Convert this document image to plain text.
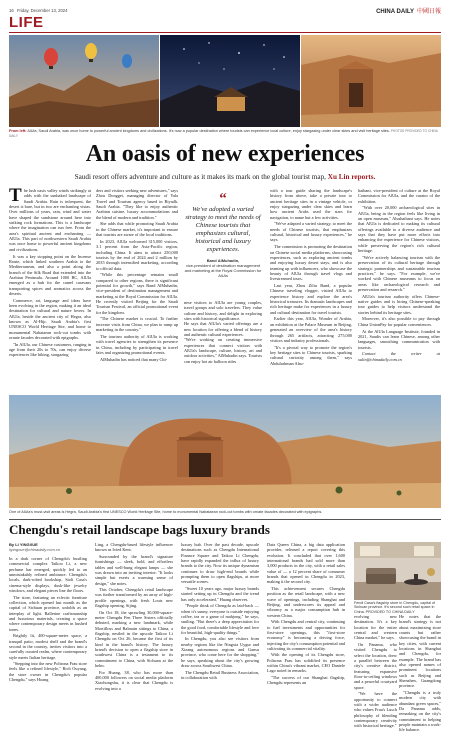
16 Friday, December 13, 2024	CHINA DAILY 中國日報
LIFE
From left: AlUla, Saudi Arabia, was once home to powerful ancient kingdoms and civilizations. It's now a popular destination where tourists can experience local culture, enjoy stargazing under clear skies and visit heritage sites. PHOTOS PROVIDED TO CHINA DAILY
An oasis of new experiences
Saudi resort offers adventure and culture as it makes its mark on the global tourist map, Xu Lin reports.
T he lush oasis valley winds strikingly at odds with the sunbaked landscape of Saudi Arabia. Rain is infrequent, the desert is bare, but in two are enchanting vistas. Over millions of years, rain, wind and water have shaped the sandstone around here into striking rock formations. This is a landscape where the imagination can run free. From the area's spiritual ancient and enchanting — AlUla. This part of northwestern Saudi Arabia was once home to powerful ancient kingdoms and civilizations.

It was a key stopping point on the Incense Route, which linked southern Arabia to the Mediterranean, and also a point along the branch of the Silk Road that extended into the Arabian Peninsula. Around 1000 BC, AlUla emerged as a hub for the camel caravans transporting spices and aromatics across the deserts.

Commerce, art, language and ideas have been evolving in the region, making it an ideal destination for cultural and nature lovers. In AlUla, beside the ancient city of Hegra, also known as Al-Hijr, Saudi Arabia's first UNESCO World Heritage Site, and home to monumental Nabataean rock-cut tombs with ornate facades decorated with epigraphs.

"In AlUla, our Chinese customers, ranging in age from their 20s to 70s, can enjoy diverse experiences like hiking, stargazing

ders and visitors seeking new adventures," says Zhou Donggei, managing director of Yala Travel and Tourism agency based in Riyadh, Saudi Arabia. "They like to enjoy authentic Arabian cuisine, luxury accommodations and the blend of modern and tradition."

She adds that while promoting Saudi Arabia to the Chinese market, it's important to ensure that tourists are aware of the local traditions.

In 2023, AlUla welcomed 315,000 visitors, 3.1 percent from the Asia-Pacific region, including China. It aims to attract 250,000 tourists by the end of 2024 and 2 million by 2035 through intensified marketing, according to official data.

"While this percentage remains small compared to other regions, there is significant potential for growth," says Band AlMuhadin, vice-president of destination management and marketing at the Royal Commission for AlUla. He recently visited Beijing for the Saudi Tourism Festival, an official promotional event for the kingdom.

"The Chinese market is crucial. To further increase visits from China, we plan to ramp up marketing in the country."

The tourism authority of AlUla is working with travel agencies to strengthen its presence in China, including by participating in travel fairs and organizing promotional events.

AlMuhadin has noticed that many Chi-

“
We've adopted a varied strategy to meet the needs of Chinese tourists that emphasizes cultural, historical and luxury experiences.
Band AlMuhadin,
vice-president of destination management and marketing at the Royal Commission for AlUla

nese visitors to AlUla are young couples, travel groups and solo travelers. They value culture and history, and delight in exploring sites with historical significance.

He says that AlUla's varied offerings are a new location for offering a blend of history and authentic cultural experiences.

"We're working on creating immersive experiences that connect visitors with AlUla's landscape, culture, history, art and outdoor activities," AlMuhadin says. Tourists can enjoy hot air balloon rides

with a tour guide sharing the landscape's history from above, take a private tour to ancient heritage sites in a vintage vehicle, or enjoy stargazing under clear skies and learn how ancient Arabs used the stars for navigation, to name but a few activities.

"We've adapted a varied strategy, to meet the needs of Chinese tourists, that emphasizes cultural, historical and luxury experiences," he says.

The commission is promoting the destination on Chinese social media platforms, showcasing experiences, such as exploring ancient tombs and enjoying luxury desert stays, and is also teaming up with influencers, who showcase the beauty of AlUla through travel vlogs and livestreamed tours.

Last year, Zhou Ziliu Band, a popular Chinese traveling vlogger, visited AlUla to experience history and explore the area's historical treasures. Its dramatic landscapes and rich heritage make for experiences in a luxury and cultural destination for travel tourists.

Earlier this year, AlUla, Wonder of Arabia, an exhibition at the Palace Museum in Beijing, generated an overview of the area's history through 265 artifacts, attracting 275,000 visitors and industry professionals.

"It's a pivotal way to promote the region's key heritage sites to Chinese tourists, sparking cultural curiosity among them," says Abdulrahman Alsu-

haibani, vice-president of culture at the Royal Commission for AlUla, and the curator of the exhibition.

"With over 20,000 archaeological sites in AlUla, being in the region feels like living in an open museum," Alsuhaibani says. He notes that AlUla is dedicated to making its cultural offerings available to a diverse audience and says that they have put more efforts into enhancing the experience for Chinese visitors, while preserving the region's rich cultural heritage.

"We're actively balancing tourism with the preservation of its cultural heritage through strategic partnerships and sustainable tourism practices," he says. "For example, we've worked with Chinese museums to focus on areas like archaeological research and preservation and research."

AlUla's tourism authority offers Chinese-native guides and is hiring Chinese-speaking tour guides to help visitors understand the stories behind its heritage sites.

Moreover, it's also possible to pay through China UnionPay for popular conveniences.

At the AlUla Language Institute, founded in 2021, Saudis can learn Chinese, among other languages, smoothing communication with tourists.

Contact the writer at xulin@chinadaily.com.cn

One of AlUla's must-visit areas is Hegra, Saudi Arabia's first UNESCO World Heritage Site, home to monumental Nabataean rock-cut tombs with ornate facades decorated with epigraphs.
Chengdu's retail landscape bags luxury brands
By LI YINGXUE
liyingxue@chinadaily.com.cn

In a dark corner of Chengdu's bustling commercial complex Taikoo Li, a new perfume bar emerged, quickly led to an unmistakably refined ambiance. Chengdu's locals, dark-robed bookshop, Stoli Casa's cinema-style displays, dusk-like jewelry windows, and elegant pieces line the floors.

The store, featuring an eclectic furniture collection, which opened last month as the capital of Sichuan province, unfolds as an interplay of light. Ballerine craftsmanship and luxurious materials, creating a space where contemporary design meets in hushed tones.

Brightly lit, 400-square-meter space, a tranquil patio, modest shelf and the brand's second in the country, invites visitors into a carefully curated realm, where contemporary style meets Italian heritage.

"Stepping into the new Poltrona Frau store feels like a refined lifestyle," Rich Ouyang, the store owner in Chengdu's popular Chengdu," says Hoang

Ling, a Chengdu-based lifestyle influencer known as Ivied Kent.

Surrounded by the brand's signature furnishings — sleek, bold, and effortless tables and well-hung elegant lamps — she was drawn into an inviting interior. "It looks simple but exerts a warming sense of design," she notes.

This October, Chengdu's retail landscape was further transformed by an array of high-profile openings, with fresh Louis new flagship opening, Sijing.

On Oct 18, the sprawling 30,000-square-meter Chengdu Fen Three Sisters officially debuted, marking a new landmark, while Mortifloss and Balmain sittings to China, a flagship, nestled in the upscale Taikoo Li Chengdu on Oct 26, became the first of its kind in the brand's history. The luxury brand's decision to open a flagship store in southwest China is a testament to its commitment to China, with Sichuan at the helm.

For Huang, 38, who has more than 400,000 followers on social media platform Xiaohongshu, it is clear that Chengdu is evolving into a

luxury hub. Over the past decade, upscale destinations such as Chengdu International Finance Square and Taikoo Li Chengdu, have rapidly expanded the influx of luxury brands to the city. Now its unique dynamism continues to draw high-end brands while prompting them to open flagships, at more versatile scenes.

"Sweet 10 years ago, major luxury brands started setting up in Chengdu and the trend has only accelerated," Huang observes.

"People think of Chengdu as laid-back — when it's sunny, everyone is outside enjoying coffee, tea or a game of mahjong," he says, smiling. "But there's a deep appreciation for the good food, comfortable lifestyle and love for beautiful, high-quality things."

In Chengdu, you also see visitors from nearby regions like the Ningxia Uygur and Xizang autonomous regions and Gansu province, who come here for the shopping," he says, speaking about the city's growing draw across Southwest China.

The Chengdu Retail Business Association, in collaboration with

Data Queen China, a big data application provider, released a report covering this evolution. It concluded that over 1,600 international brands had sold more than 3,000 products in the city, with a retail sales value of — a 12 percent share of consumer brands that opened in Chengdu in 2023, making it the second city.

This achievement secures Chengdu position as the retail landscape, with a new wave of openings, including Shanghai and Beijing, and underscores its appeal and vibrancy as a major consumption hub in western China.

With Chengdu and central city, continuing to fuel investments and opportunities for first-store openings, this "first-store economy" is becoming a driving force, injecting the city's consumption potential and cultivating its commercial vitality.

With the opening of its Chengdu store, Poltrona Frau has solidified its presence within China's vibrant market, CEO Daniele Lago noted in remarks.

"The success of our Shanghai flagship, Chengdu represents an

Fendi Casa's flagship store in Chengdu, capital of Sichuan province. It's second such retail space in China. PROVIDED TO CHINA DAILY

evolving new destination. It's a key location for the entire central and western China market," he says.

On Panama, who visited Chengdu to select the location, drew a parallel between the city's creative district, featuring expansive floor-to-ceiling windows and a peaceful courtyard space.

"We have the opportunity to connect with a wider audience who values Frau's Lusch philosophy of blending contemporary creativity with historical heritage."

He notes that the brand's strategy is not about maximizing store counts but rather showcasing the brand in key cities, with current locations in Shanghai and Chengdu, for example. The brand has also opened names of prominent locations such as Beijing and Shenzhen, Guangdong province.

"Chengdu is a truly modern city with abundant green spaces," Da Panama adds, remarking on the city's commitment to helping people maintain a work-life balance.
